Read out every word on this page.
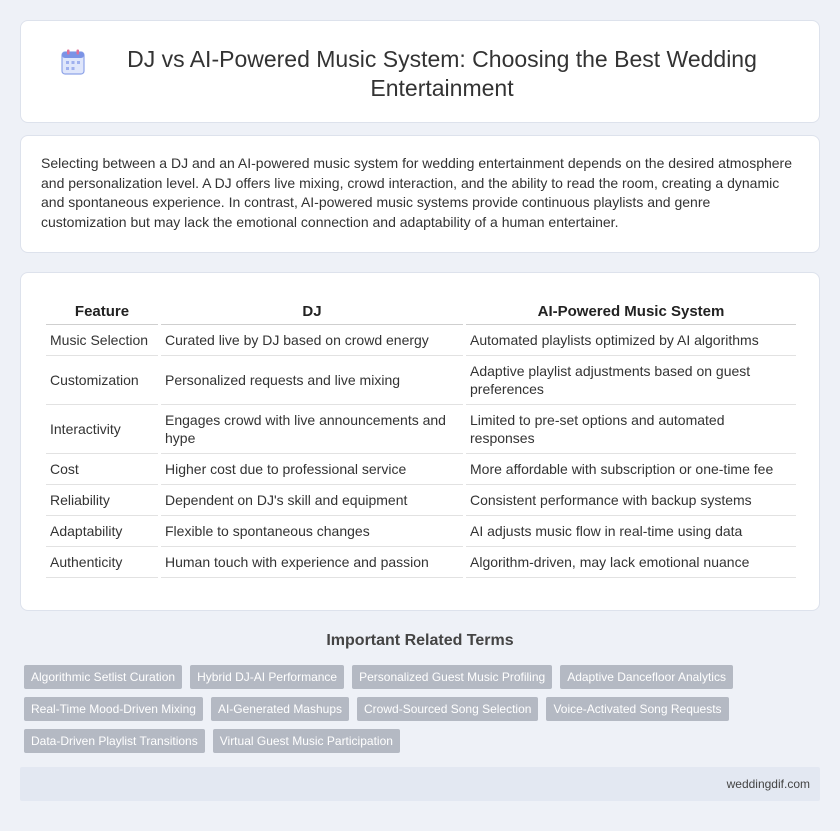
DJ vs AI-Powered Music System: Choosing the Best Wedding Entertainment

Selecting between a DJ and an AI-powered music system for wedding entertainment depends on the desired atmosphere and personalization level. A DJ offers live mixing, crowd interaction, and the ability to read the room, creating a dynamic and spontaneous experience. In contrast, AI-powered music systems provide continuous playlists and genre customization but may lack the emotional connection and adaptability of a human entertainer.

Feature	DJ	AI-Powered Music System
Music Selection	Curated live by DJ based on crowd energy	Automated playlists optimized by AI algorithms
Customization	Personalized requests and live mixing	Adaptive playlist adjustments based on guest preferences
Interactivity	Engages crowd with live announcements and hype	Limited to pre-set options and automated responses
Cost	Higher cost due to professional service	More affordable with subscription or one-time fee
Reliability	Dependent on DJ's skill and equipment	Consistent performance with backup systems
Adaptability	Flexible to spontaneous changes	AI adjusts music flow in real-time using data
Authenticity	Human touch with experience and passion	Algorithm-driven, may lack emotional nuance
Important Related Terms
Algorithmic Setlist Curation	Hybrid DJ-AI Performance	Personalized Guest Music Profiling	Adaptive Dancefloor Analytics
Real-Time Mood-Driven Mixing	AI-Generated Mashups	Crowd-Sourced Song Selection	Voice-Activated Song Requests
Data-Driven Playlist Transitions	Virtual Guest Music Participation
weddingdif.com
